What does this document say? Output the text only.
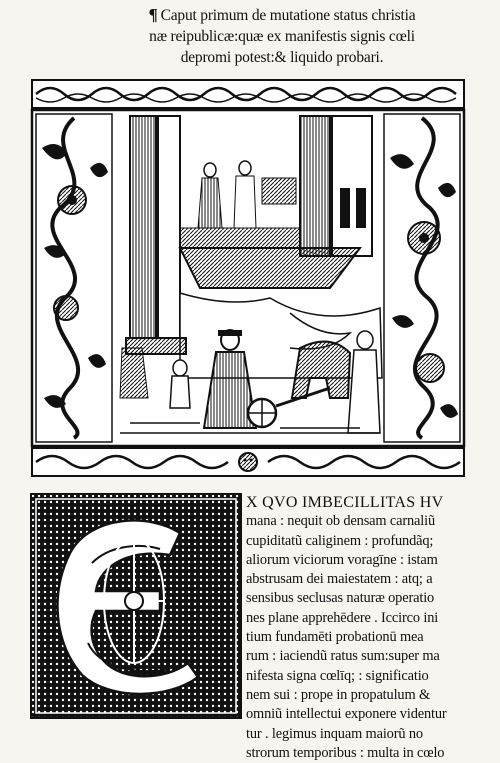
¶ Caput primum de mutatione status christia
næ reipublicæ:quæ ex manifestis signis cœli
depromi potest:& liquido probari.
X QVO IMBECILLITAS HV
mana : nequit ob densam carnaliũ
cupiditatũ caliginem : profundãq;
aliorum viciorum voragīne : istam
abstrusam dei maiestatem : atq; a
sensibus seclusas naturæ operatio
nes plane apprehēdere . Iccirco ini
tium fundamēti probationū mea
rum : iaciendũ ratus sum:super ma
nifesta signa cœlīq; : significatio
nem sui : prope in propatulum &
omniũ intellectui exponere videntur
tur . legimus inquam maiorũ no
strorum temporibus : multa in cœlo
